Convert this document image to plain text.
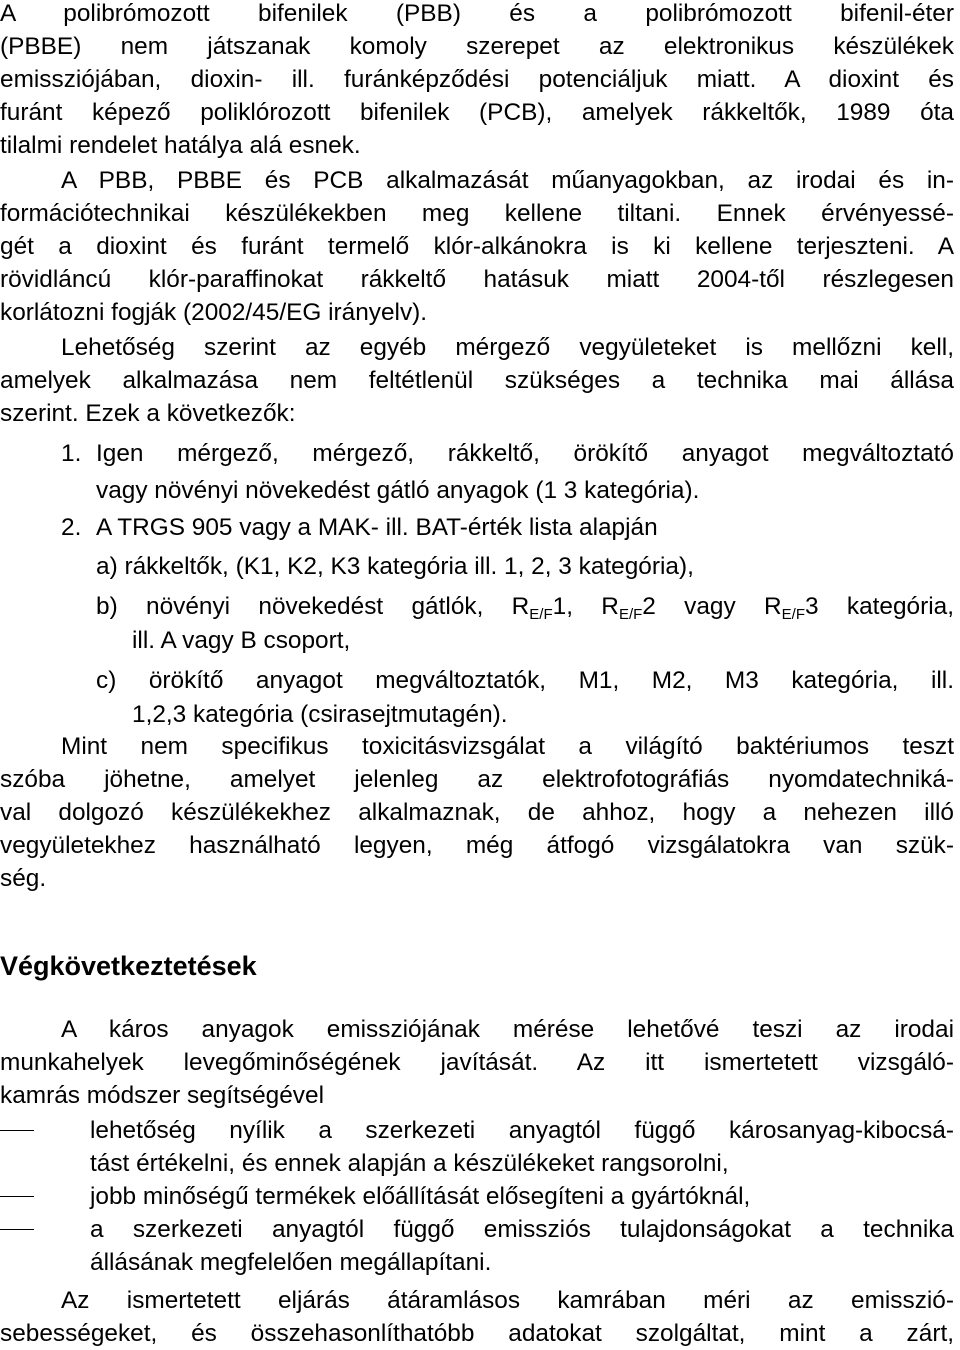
A polibrómozott bifenilek (PBB) és a polibrómozott bifenil-éter
(PBBE) nem játszanak komoly szerepet az elektronikus készülékek
emissziójában, dioxin- ill. furánképződési potenciáljuk miatt. A dioxint és
furánt képező poliklórozott bifenilek (PCB), amelyek rákkeltők, 1989 óta
tilalmi rendelet hatálya alá esnek.
A PBB, PBBE és PCB alkalmazását műanyagokban, az irodai és in-
formációtechnikai készülékekben meg kellene tiltani. Ennek érvényessé-
gét a dioxint és furánt termelő klór-alkánokra is ki kellene terjeszteni. A
rövidláncú klór-paraffinokat rákkeltő hatásuk miatt 2004-től részlegesen
korlátozni fogják (2002/45/EG irányelv).
Lehetőség szerint az egyéb mérgező vegyületeket is mellőzni kell,
amelyek alkalmazása nem feltétlenül szükséges a technika mai állása
szerint. Ezek a következők:
1. Igen mérgező, mérgező, rákkeltő, örökítő anyagot megváltoztató
vagy növényi növekedést gátló anyagok (1 3 kategória).
2. A TRGS 905 vagy a MAK- ill. BAT-érték lista alapján
a) rákkeltők, (K1, K2, K3 kategória ill. 1, 2, 3 kategória),
b) növényi növekedést gátlók, $R_{E/F}1$, $R_{E/F}2$ vagy $R_{E/F}3$ kategória,
ill. A vagy B csoport,
c) örökítő anyagot megváltoztatók, M1, M2, M3 kategória, ill.
1,2,3 kategória (csirasejtmutagén).
Mint nem specifikus toxicitásvizsgálat a világító baktériumos teszt
szóba jöhetne, amelyet jelenleg az elektrofotográfiás nyomdatechniká-
val dolgozó készülékekhez alkalmaznak, de ahhoz, hogy a nehezen illó
vegyületekhez használható legyen, még átfogó vizsgálatokra van szük-
ség.
Végkövetkeztetések
A káros anyagok emissziójának mérése lehetővé teszi az irodai
munkahelyek levegőminőségének javítását. Az itt ismertetett vizsgáló-
kamrás módszer segítségével
lehetőség nyílik a szerkezeti anyagtól függő károsanyag-kibocsá-
tást értékelni, és ennek alapján a készülékeket rangsorolni,
jobb minőségű termékek előállítását elősegíteni a gyártóknál,
a szerkezeti anyagtól függő emissziós tulajdonságokat a technika
állásának megfelelően megállapítani.
Az ismertetett eljárás átáramlásos kamrában méri az emisszió-
sebességeket, és összehasonlíthatóbb adatokat szolgáltat, mint a zárt,
